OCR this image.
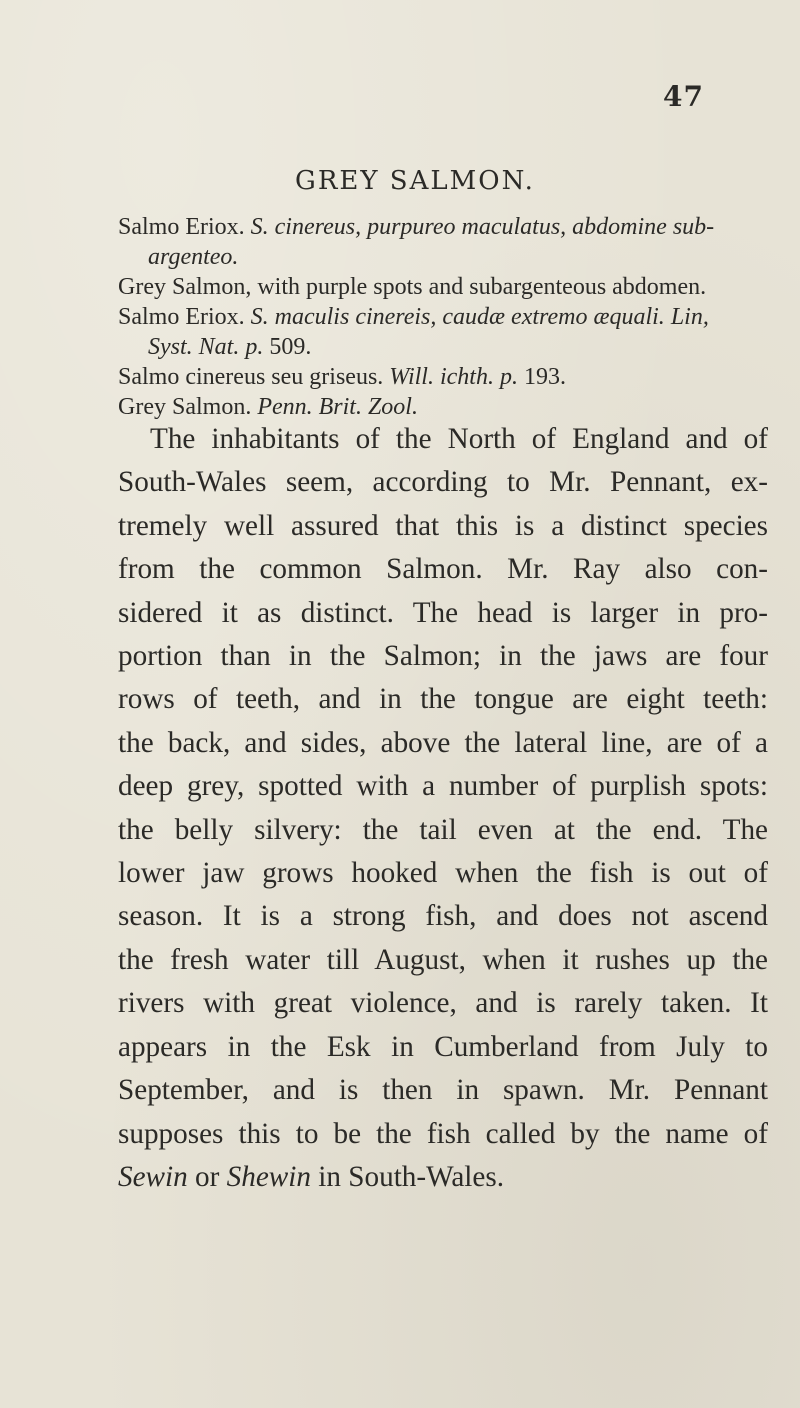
47
GREY SALMON.

Salmo Eriox. S. cinereus, purpureo maculatus, abdomine sub-
argenteo.

Grey Salmon, with purple spots and subargenteous abdomen.

Salmo Eriox. S. maculis cinereis, caudæ extremo æquali. Lin,
Syst. Nat. p. 509.

Salmo cinereus seu griseus. Will. ichth. p. 193.

Grey Salmon. Penn. Brit. Zool.

The inhabitants of the North of England and of
South-Wales seem, according to Mr. Pennant, ex-
tremely well assured that this is a distinct species
from the common Salmon. Mr. Ray also con-
sidered it as distinct. The head is larger in pro-
portion than in the Salmon; in the jaws are four
rows of teeth, and in the tongue are eight teeth:
the back, and sides, above the lateral line, are of a
deep grey, spotted with a number of purplish spots:
the belly silvery: the tail even at the end. The
lower jaw grows hooked when the fish is out of
season. It is a strong fish, and does not ascend
the fresh water till August, when it rushes up the
rivers with great violence, and is rarely taken. It
appears in the Esk in Cumberland from July to
September, and is then in spawn. Mr. Pennant
supposes this to be the fish called by the name of
Sewin or Shewin in South-Wales.
